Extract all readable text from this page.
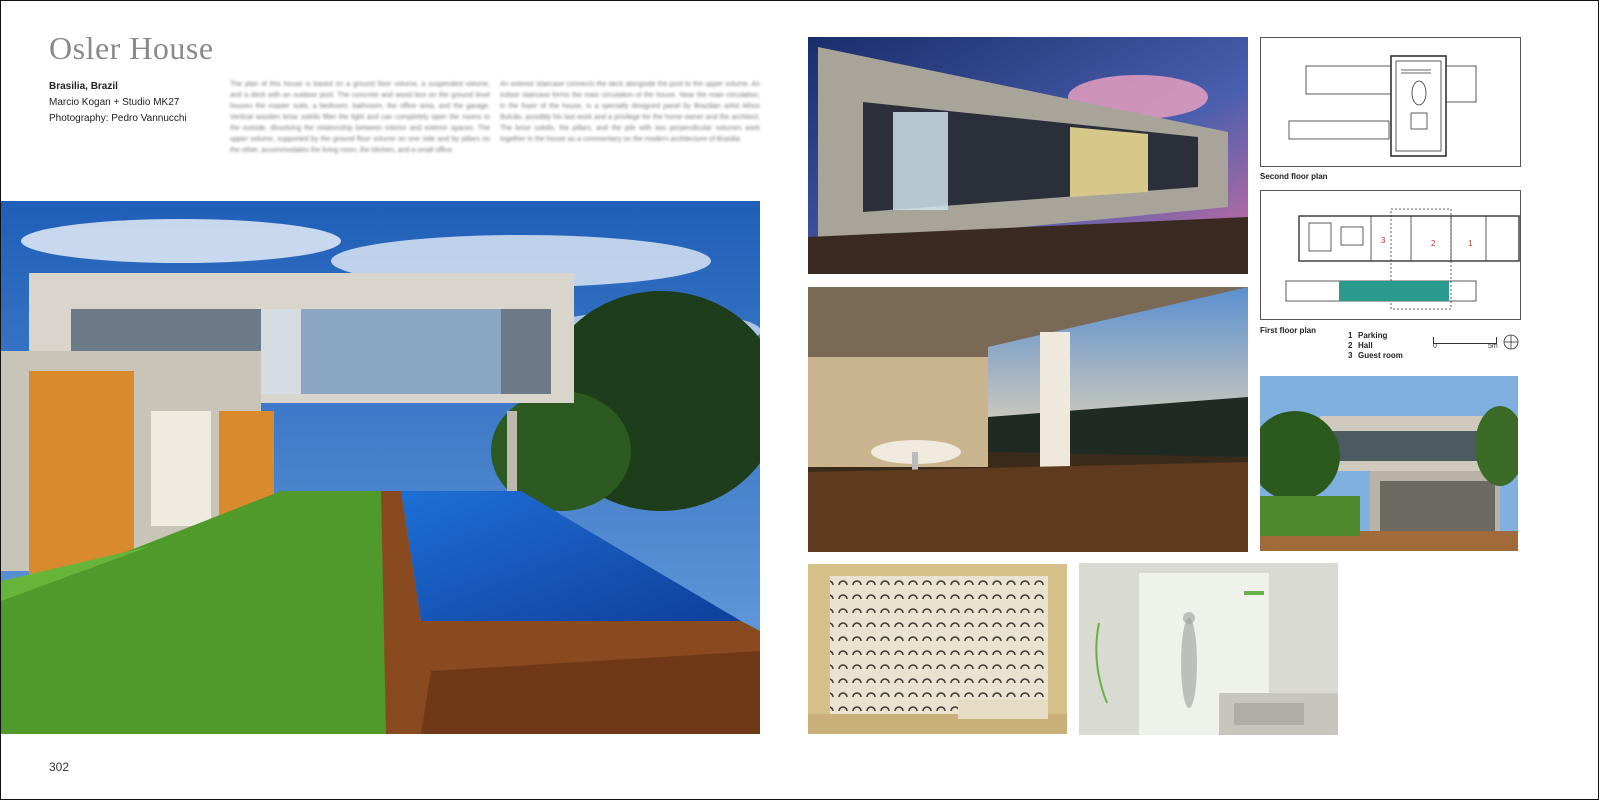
Osler House
Brasilia, Brazil
Marcio Kogan + Studio MK27
Photography: Pedro Vannucchi
The plan of this house is based on a ground floor volume, a suspended volume, and a deck with an outdoor pool. The concrete and wood box on the ground level houses the master suite, a bedroom, bathroom, the office area, and the garage. Vertical wooden brise soleils filter the light and can completely open the rooms to the outside, dissolving the relationship between interior and exterior spaces. The upper volume, supported by the ground floor volume on one side and by pillars on the other, accommodates the living room, the kitchen, and a small office.
An exterior staircase connects the deck alongside the pool to the upper volume. An indoor staircase forms the main circulation of the house. Near the main circulation, in the foyer of the house, is a specially designed panel by Brazilian artist Athos Bulcão, possibly his last work and a privilege for the home owner and the architect. The brise soleils, the pillars, and the pile with two perpendicular volumes work together in the house as a commentary on the modern architecture of Brasilia.
Second floor plan
3	2	1
First floor plan
1 Parking
2 Hall
3 Guest room
0	5m
302
